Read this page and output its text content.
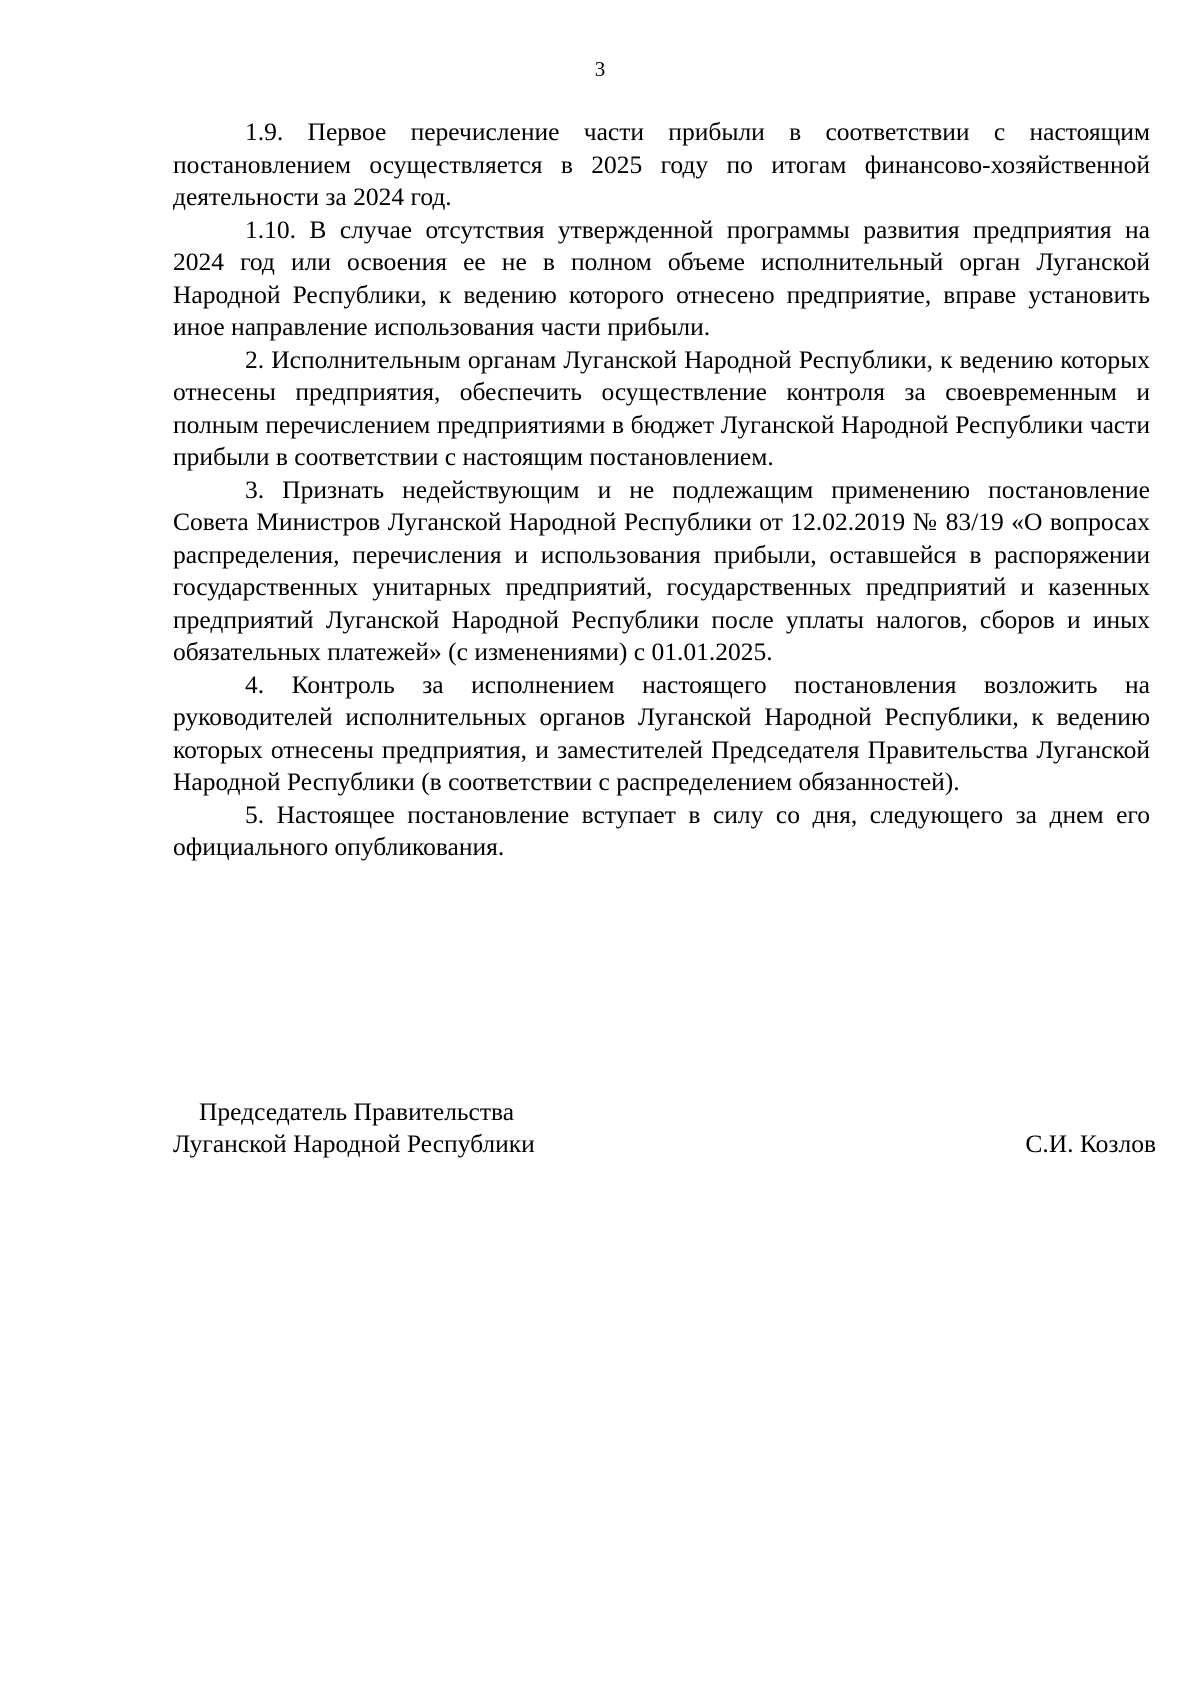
3

1.9. Первое перечисление части прибыли в соответствии с настоящим постановлением осуществляется в 2025 году по итогам финансово-хозяйственной деятельности за 2024 год.

1.10. В случае отсутствия утвержденной программы развития предприятия на 2024 год или освоения ее не в полном объеме исполнительный орган Луганской Народной Республики, к ведению которого отнесено предприятие, вправе установить иное направление использования части прибыли.

2. Исполнительным органам Луганской Народной Республики, к ведению которых отнесены предприятия, обеспечить осуществление контроля за своевременным и полным перечислением предприятиями в бюджет Луганской Народной Республики части прибыли в соответствии с настоящим постановлением.

3. Признать недействующим и не подлежащим применению постановление Совета Министров Луганской Народной Республики от 12.02.2019 № 83/19 «О вопросах распределения, перечисления и использования прибыли, оставшейся в распоряжении государственных унитарных предприятий, государственных предприятий и казенных предприятий Луганской Народной Республики после уплаты налогов, сборов и иных обязательных платежей» (с изменениями) с 01.01.2025.

4. Контроль за исполнением настоящего постановления возложить на руководителей исполнительных органов Луганской Народной Республики, к ведению которых отнесены предприятия, и заместителей Председателя Правительства Луганской Народной Республики (в соответствии с распределением обязанностей).

5. Настоящее постановление вступает в силу со дня, следующего за днем его официального опубликования.

Председатель Правительства
Луганской Народной Республики	С.И. Козлов
